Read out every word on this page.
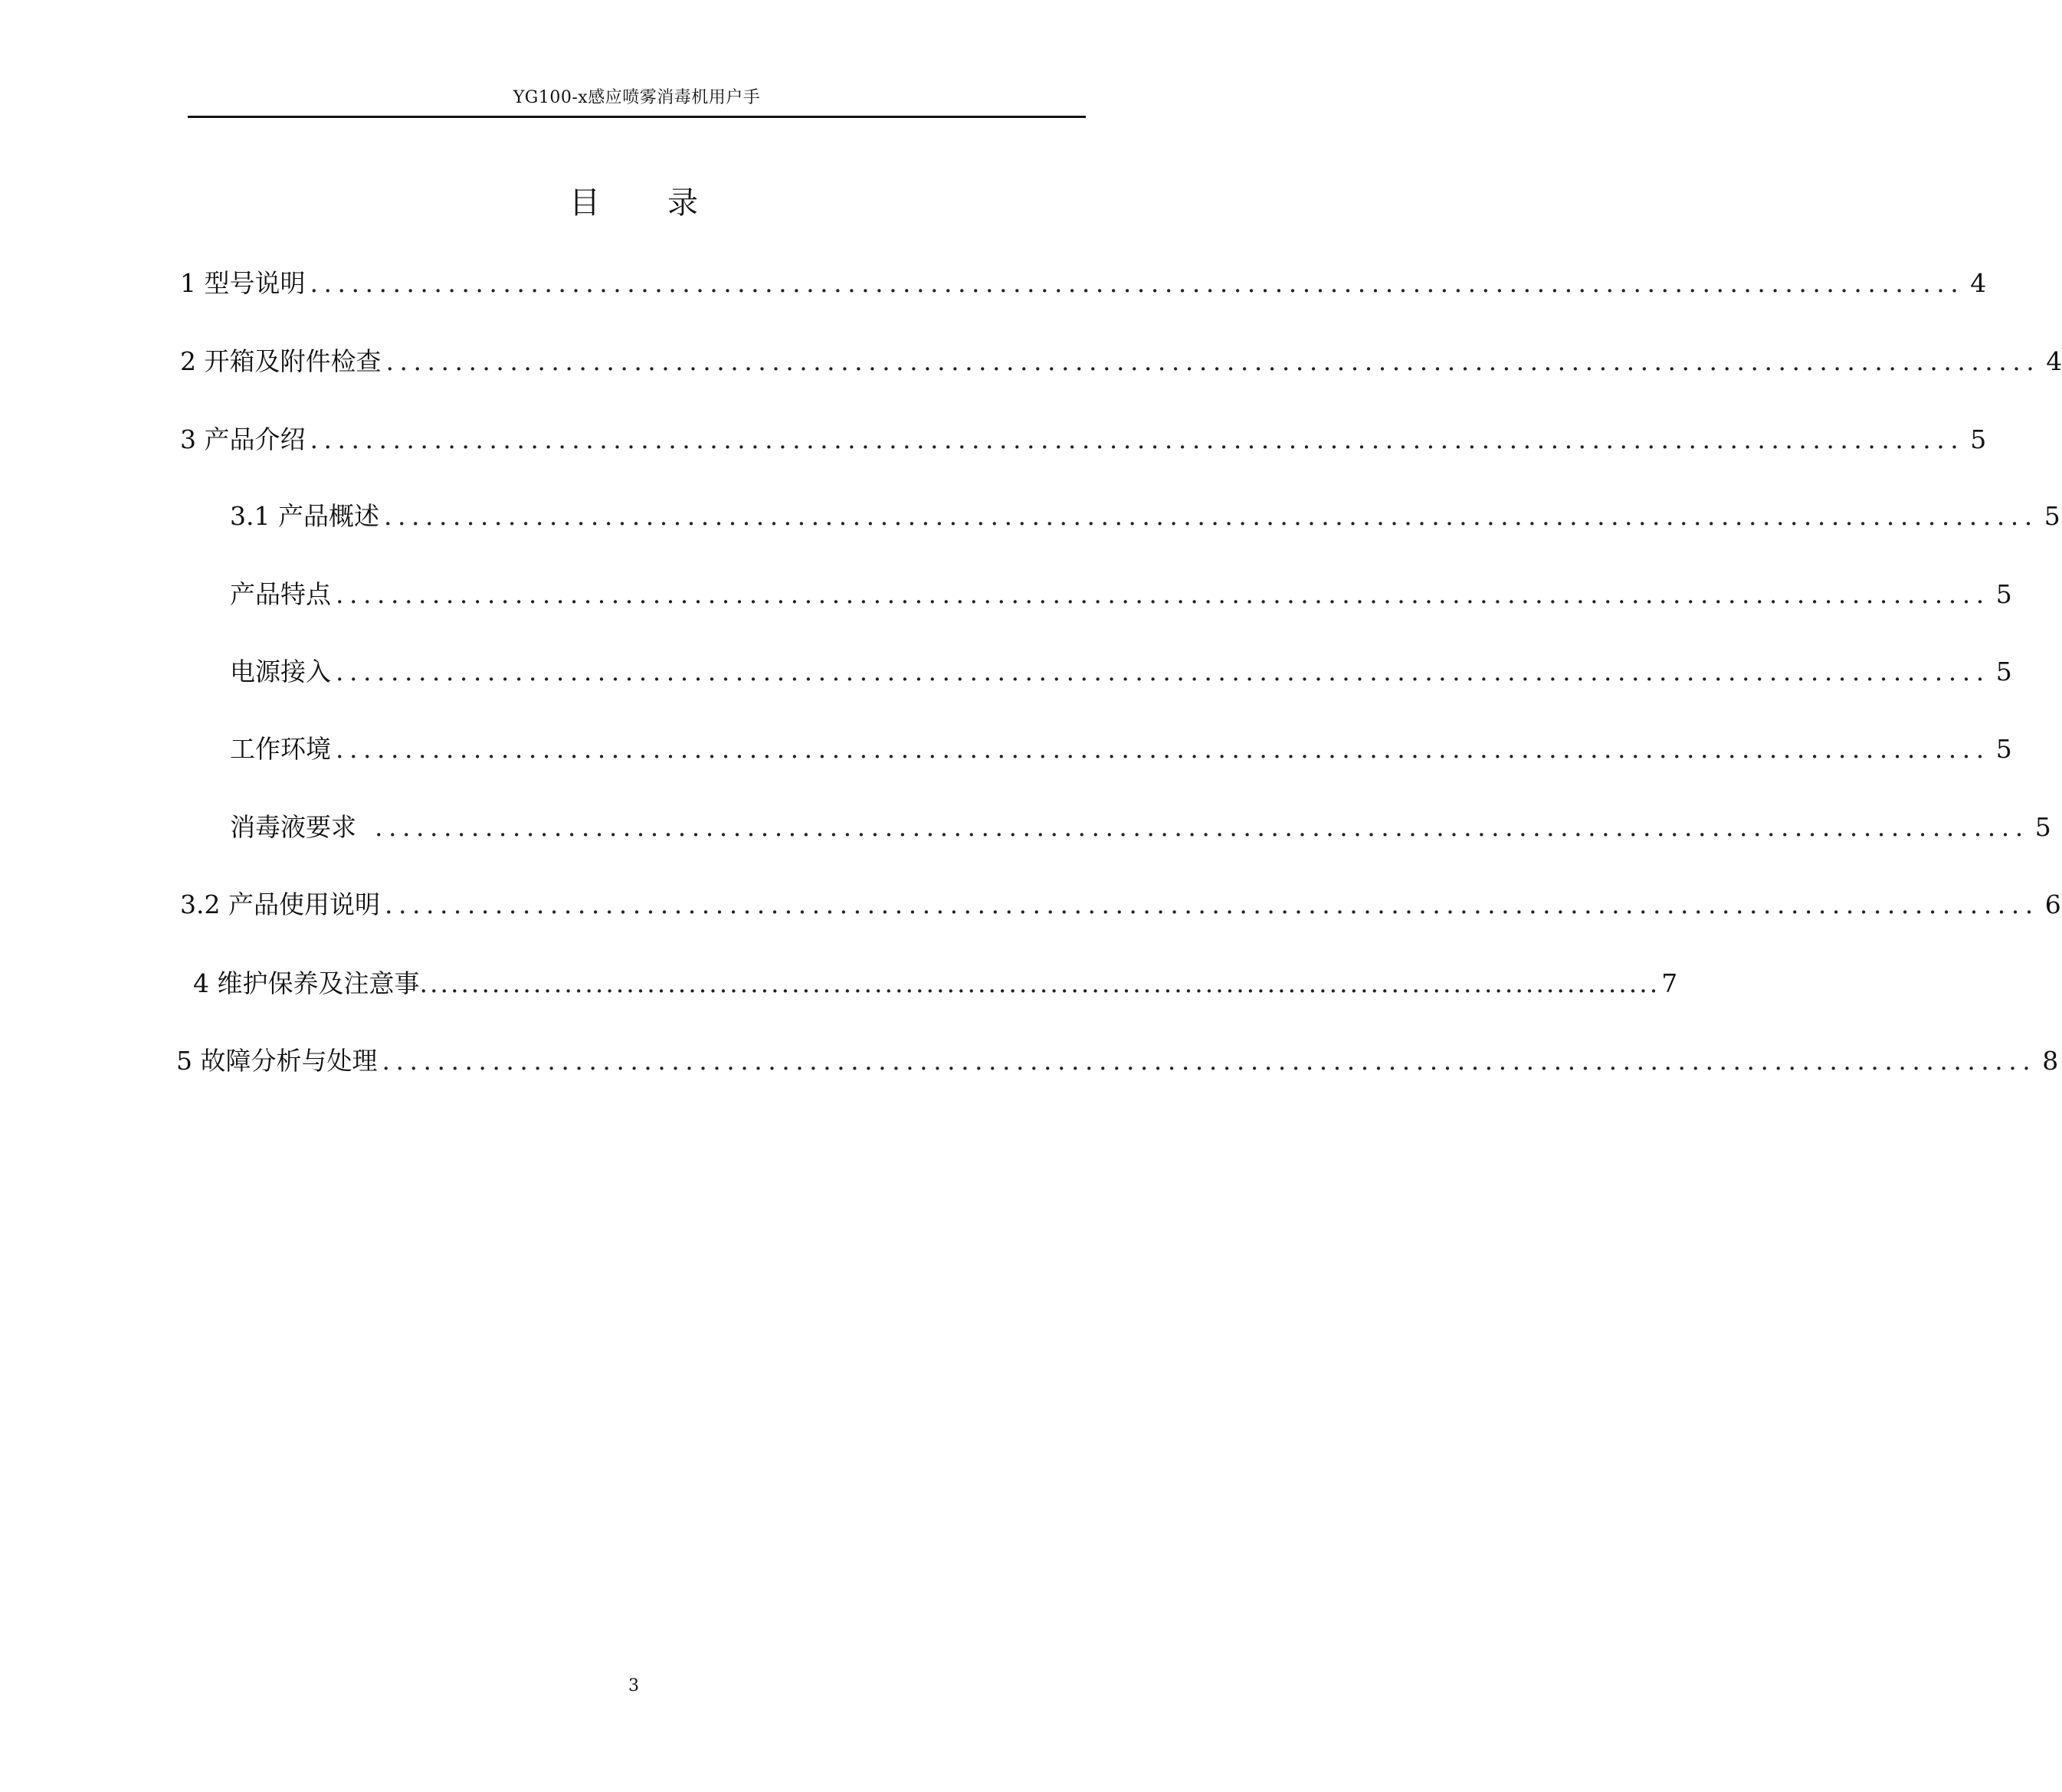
YG100-x感应喷雾消毒机用户手
目 录
1 型号说明 ........................................................................................................................ 4
2 开箱及附件检查 ........................................................................................................................ 4
3 产品介绍 ........................................................................................................................ 5
3.1 产品概述 ........................................................................................................................ 5
产品特点 ........................................................................................................................ 5
电源接入 ........................................................................................................................ 5
工作环境 ........................................................................................................................ 5
消毒液要求 ........................................................................................................................ 5
3.2 产品使用说明 ........................................................................................................................ 6
4 维护保养及注意事 ........................................................................................................................ 7
5 故障分析与处理 ........................................................................................................................ 8
3
